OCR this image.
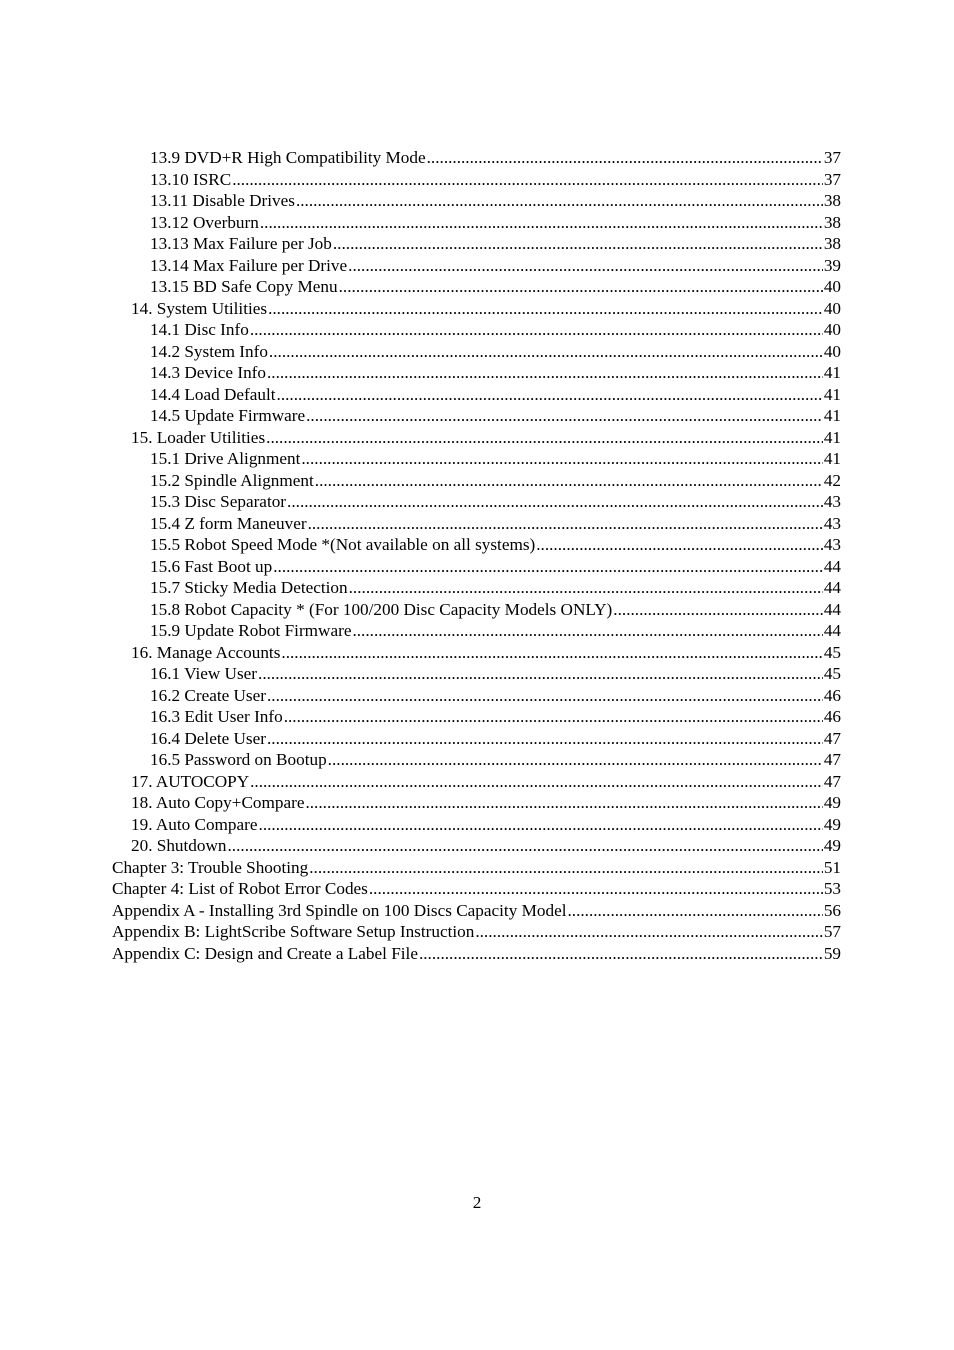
13.9 DVD+R High Compatibility Mode .....	37
13.10 ISRC .....	37
13.11 Disable Drives .....	38
13.12 Overburn .....	38
13.13 Max Failure per Job .....	38
13.14 Max Failure per Drive .....	39
13.15 BD Safe Copy Menu .....	40
14. System Utilities .....	40
14.1 Disc Info .....	40
14.2 System Info .....	40
14.3 Device Info .....	41
14.4 Load Default .....	41
14.5 Update Firmware .....	41
15. Loader Utilities .....	41
15.1 Drive Alignment .....	41
15.2 Spindle Alignment .....	42
15.3 Disc Separator .....	43
15.4 Z form Maneuver .....	43
15.5 Robot Speed Mode *(Not available on all systems) .....	43
15.6 Fast Boot up .....	44
15.7 Sticky Media Detection .....	44
15.8 Robot Capacity * (For 100/200 Disc Capacity Models ONLY) .....	44
15.9 Update Robot Firmware .....	44
16. Manage Accounts .....	45
16.1 View User .....	45
16.2 Create User .....	46
16.3 Edit User Info .....	46
16.4 Delete User .....	47
16.5 Password on Bootup .....	47
17. AUTOCOPY .....	47
18. Auto Copy+Compare .....	49
19. Auto Compare .....	49
20. Shutdown .....	49
Chapter 3: Trouble Shooting .....	51
Chapter 4: List of Robot Error Codes .....	53
Appendix A - Installing 3rd Spindle on 100 Discs Capacity Model .....	56
Appendix B: LightScribe Software Setup Instruction .....	57
Appendix C: Design and Create a Label File .....	59
2
